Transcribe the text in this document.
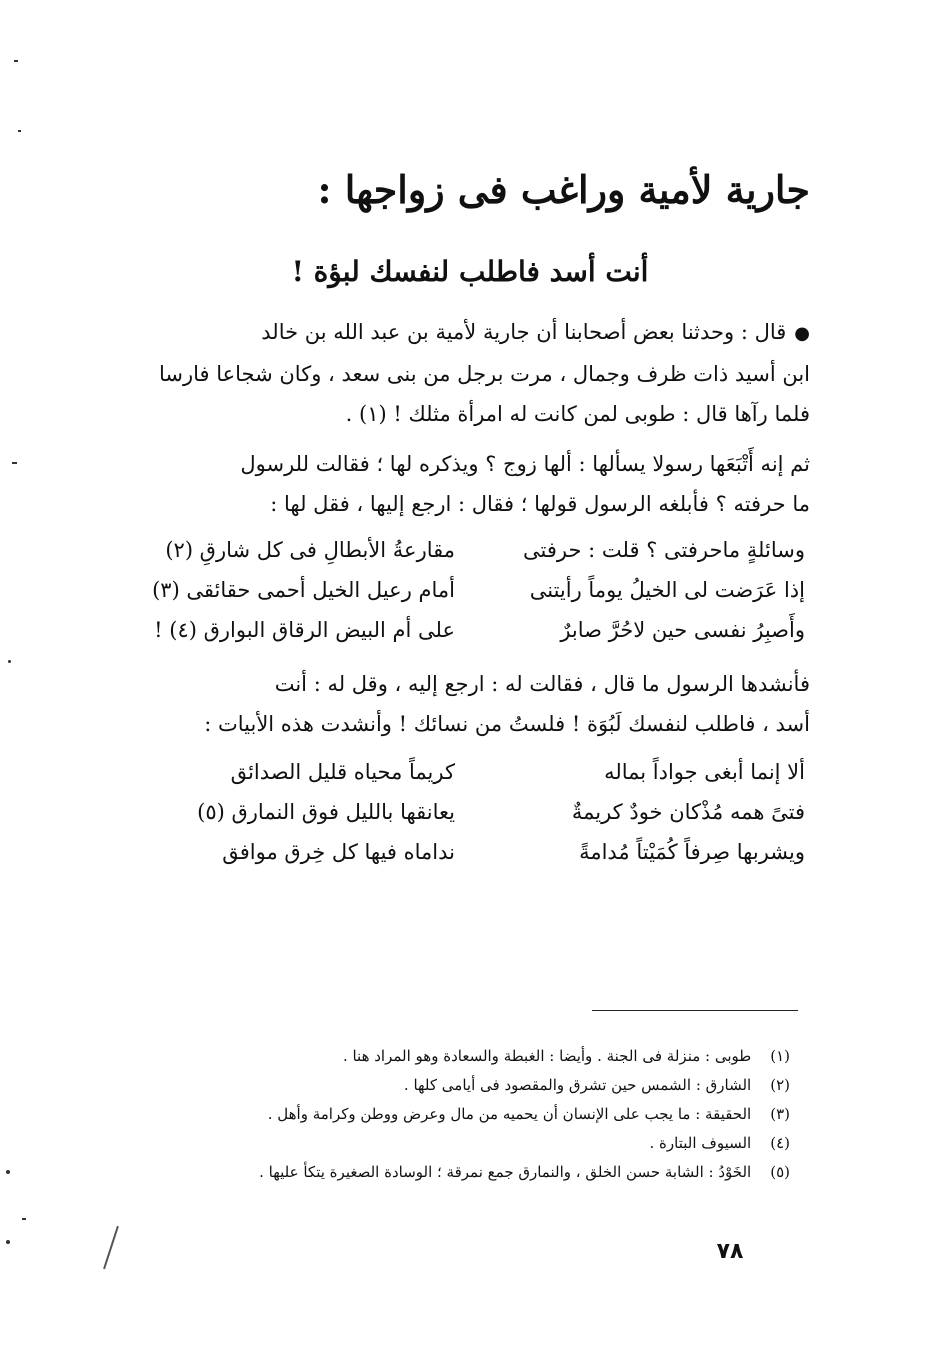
جارية لأمية وراغب فى زواجها :
أنت أسد فاطلب لنفسك لبؤة !
●قال : وحدثنا بعض أصحابنا أن جارية لأمية بن عبد الله بن خالد
ابن أسيد ذات ظرف وجمال ، مرت برجل من بنى سعد ، وكان شجاعا فارسا
فلما رآها قال : طوبى لمن كانت له امرأة مثلك ! (١) .
ثم إنه أَتْبَعَها رسولا يسألها : ألها زوج ؟ ويذكره لها ؛ فقالت للرسول
ما حرفته ؟ فأبلغه الرسول قولها ؛ فقال : ارجع إليها ، فقل لها :
وسائلةٍ ماحرفتى ؟ قلت : حرفتى
مقارعةُ الأبطالِ فى كل شارقِ (٢)
إذا عَرَضت لى الخيلُ يوماً رأيتنى
أمام رعيل الخيل أحمى حقائقى (٣)
وأَصبِرُ نفسى حين لاحُرَّ صابرٌ
على أم البيض الرقاق البوارق (٤) !
فأنشدها الرسول ما قال ، فقالت له : ارجع إليه ، وقل له : أنت
أسد ، فاطلب لنفسك لَبُوَة ! فلستُ من نسائك ! وأنشدت هذه الأبيات :
ألا إنما أبغى جواداً بماله
كريماً محياه قليل الصدائق
فتىً همه مُذْكان خودٌ كريمةٌ
يعانقها بالليل فوق النمارق (٥)
ويشربها صِرفاً كُمَيْتاً مُدامةً
نداماه فيها كل خِرق موافق
(١) طوبى : منزلة فى الجنة . وأيضا : الغبطة والسعادة وهو المراد هنا .
(٢) الشارق : الشمس حين تشرق والمقصود فى أيامى كلها .
(٣) الحقيقة : ما يجب على الإنسان أن يحميه من مال وعرض ووطن وكرامة وأهل .
(٤) السيوف البتارة .
(٥) الخَوْدُ : الشابة حسن الخلق ، والنمارق جمع نمرقة ؛ الوسادة الصغيرة يتكأ عليها .
٧٨
